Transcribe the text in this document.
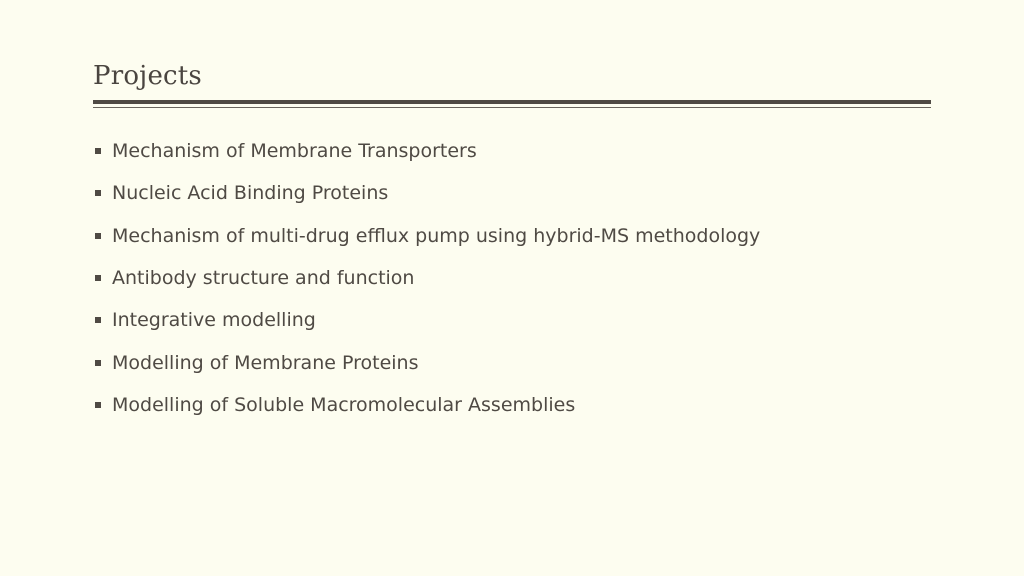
Projects
Mechanism of Membrane Transporters
Nucleic Acid Binding Proteins
Mechanism of multi-drug efflux pump using hybrid-MS methodology
Antibody structure and function
Integrative modelling
Modelling of Membrane Proteins
Modelling of Soluble Macromolecular Assemblies
